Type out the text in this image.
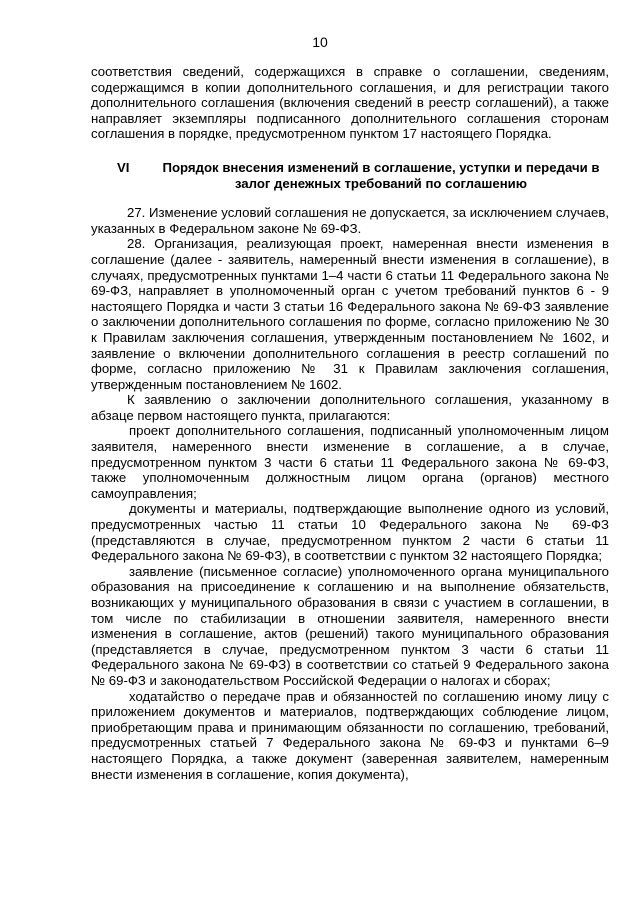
10

соответствия сведений, содержащихся в справке о соглашении, сведениям, содержащимся в копии дополнительного соглашения, и для регистрации такого дополнительного соглашения (включения сведений в реестр соглашений), а также направляет экземпляры подписанного дополнительного соглашения сторонам соглашения в порядке, предусмотренном пунктом 17 настоящего Порядка.

VI	Порядок внесения изменений в соглашение, уступки и передачи в залог денежных требований по соглашению

27. Изменение условий соглашения не допускается, за исключением случаев, указанных в Федеральном законе № 69-ФЗ.

28. Организация, реализующая проект, намеренная внести изменения в соглашение (далее - заявитель, намеренный внести изменения в соглашение), в случаях, предусмотренных пунктами 1–4 части 6 статьи 11 Федерального закона № 69-ФЗ, направляет в уполномоченный орган с учетом требований пунктов 6 - 9 настоящего Порядка и части 3 статьи 16 Федерального закона № 69-ФЗ заявление о заключении дополнительного соглашения по форме, согласно приложению № 30 к Правилам заключения соглашения, утвержденным постановлением № 1602, и заявление о включении дополнительного соглашения в реестр соглашений по форме, согласно приложению № 31 к Правилам заключения соглашения, утвержденным постановлением № 1602.

К заявлению о заключении дополнительного соглашения, указанному в абзаце первом настоящего пункта, прилагаются:

проект дополнительного соглашения, подписанный уполномоченным лицом заявителя, намеренного внести изменение в соглашение, а в случае, предусмотренном пунктом 3 части 6 статьи 11 Федерального закона № 69-ФЗ, также уполномоченным должностным лицом органа (органов) местного самоуправления;

документы и материалы, подтверждающие выполнение одного из условий, предусмотренных частью 11 статьи 10 Федерального закона № 69-ФЗ (представляются в случае, предусмотренном пунктом 2 части 6 статьи 11 Федерального закона № 69-ФЗ), в соответствии с пунктом 32 настоящего Порядка;

заявление (письменное согласие) уполномоченного органа муниципального образования на присоединение к соглашению и на выполнение обязательств, возникающих у муниципального образования в связи с участием в соглашении, в том числе по стабилизации в отношении заявителя, намеренного внести изменения в соглашение, актов (решений) такого муниципального образования (представляется в случае, предусмотренном пунктом 3 части 6 статьи 11 Федерального закона № 69-ФЗ) в соответствии со статьей 9 Федерального закона № 69-ФЗ и законодательством Российской Федерации о налогах и сборах;

ходатайство о передаче прав и обязанностей по соглашению иному лицу с приложением документов и материалов, подтверждающих соблюдение лицом, приобретающим права и принимающим обязанности по соглашению, требований, предусмотренных статьей 7 Федерального закона № 69-ФЗ и пунктами 6–9 настоящего Порядка, а также документ (заверенная заявителем, намеренным внести изменения в соглашение, копия документа),
